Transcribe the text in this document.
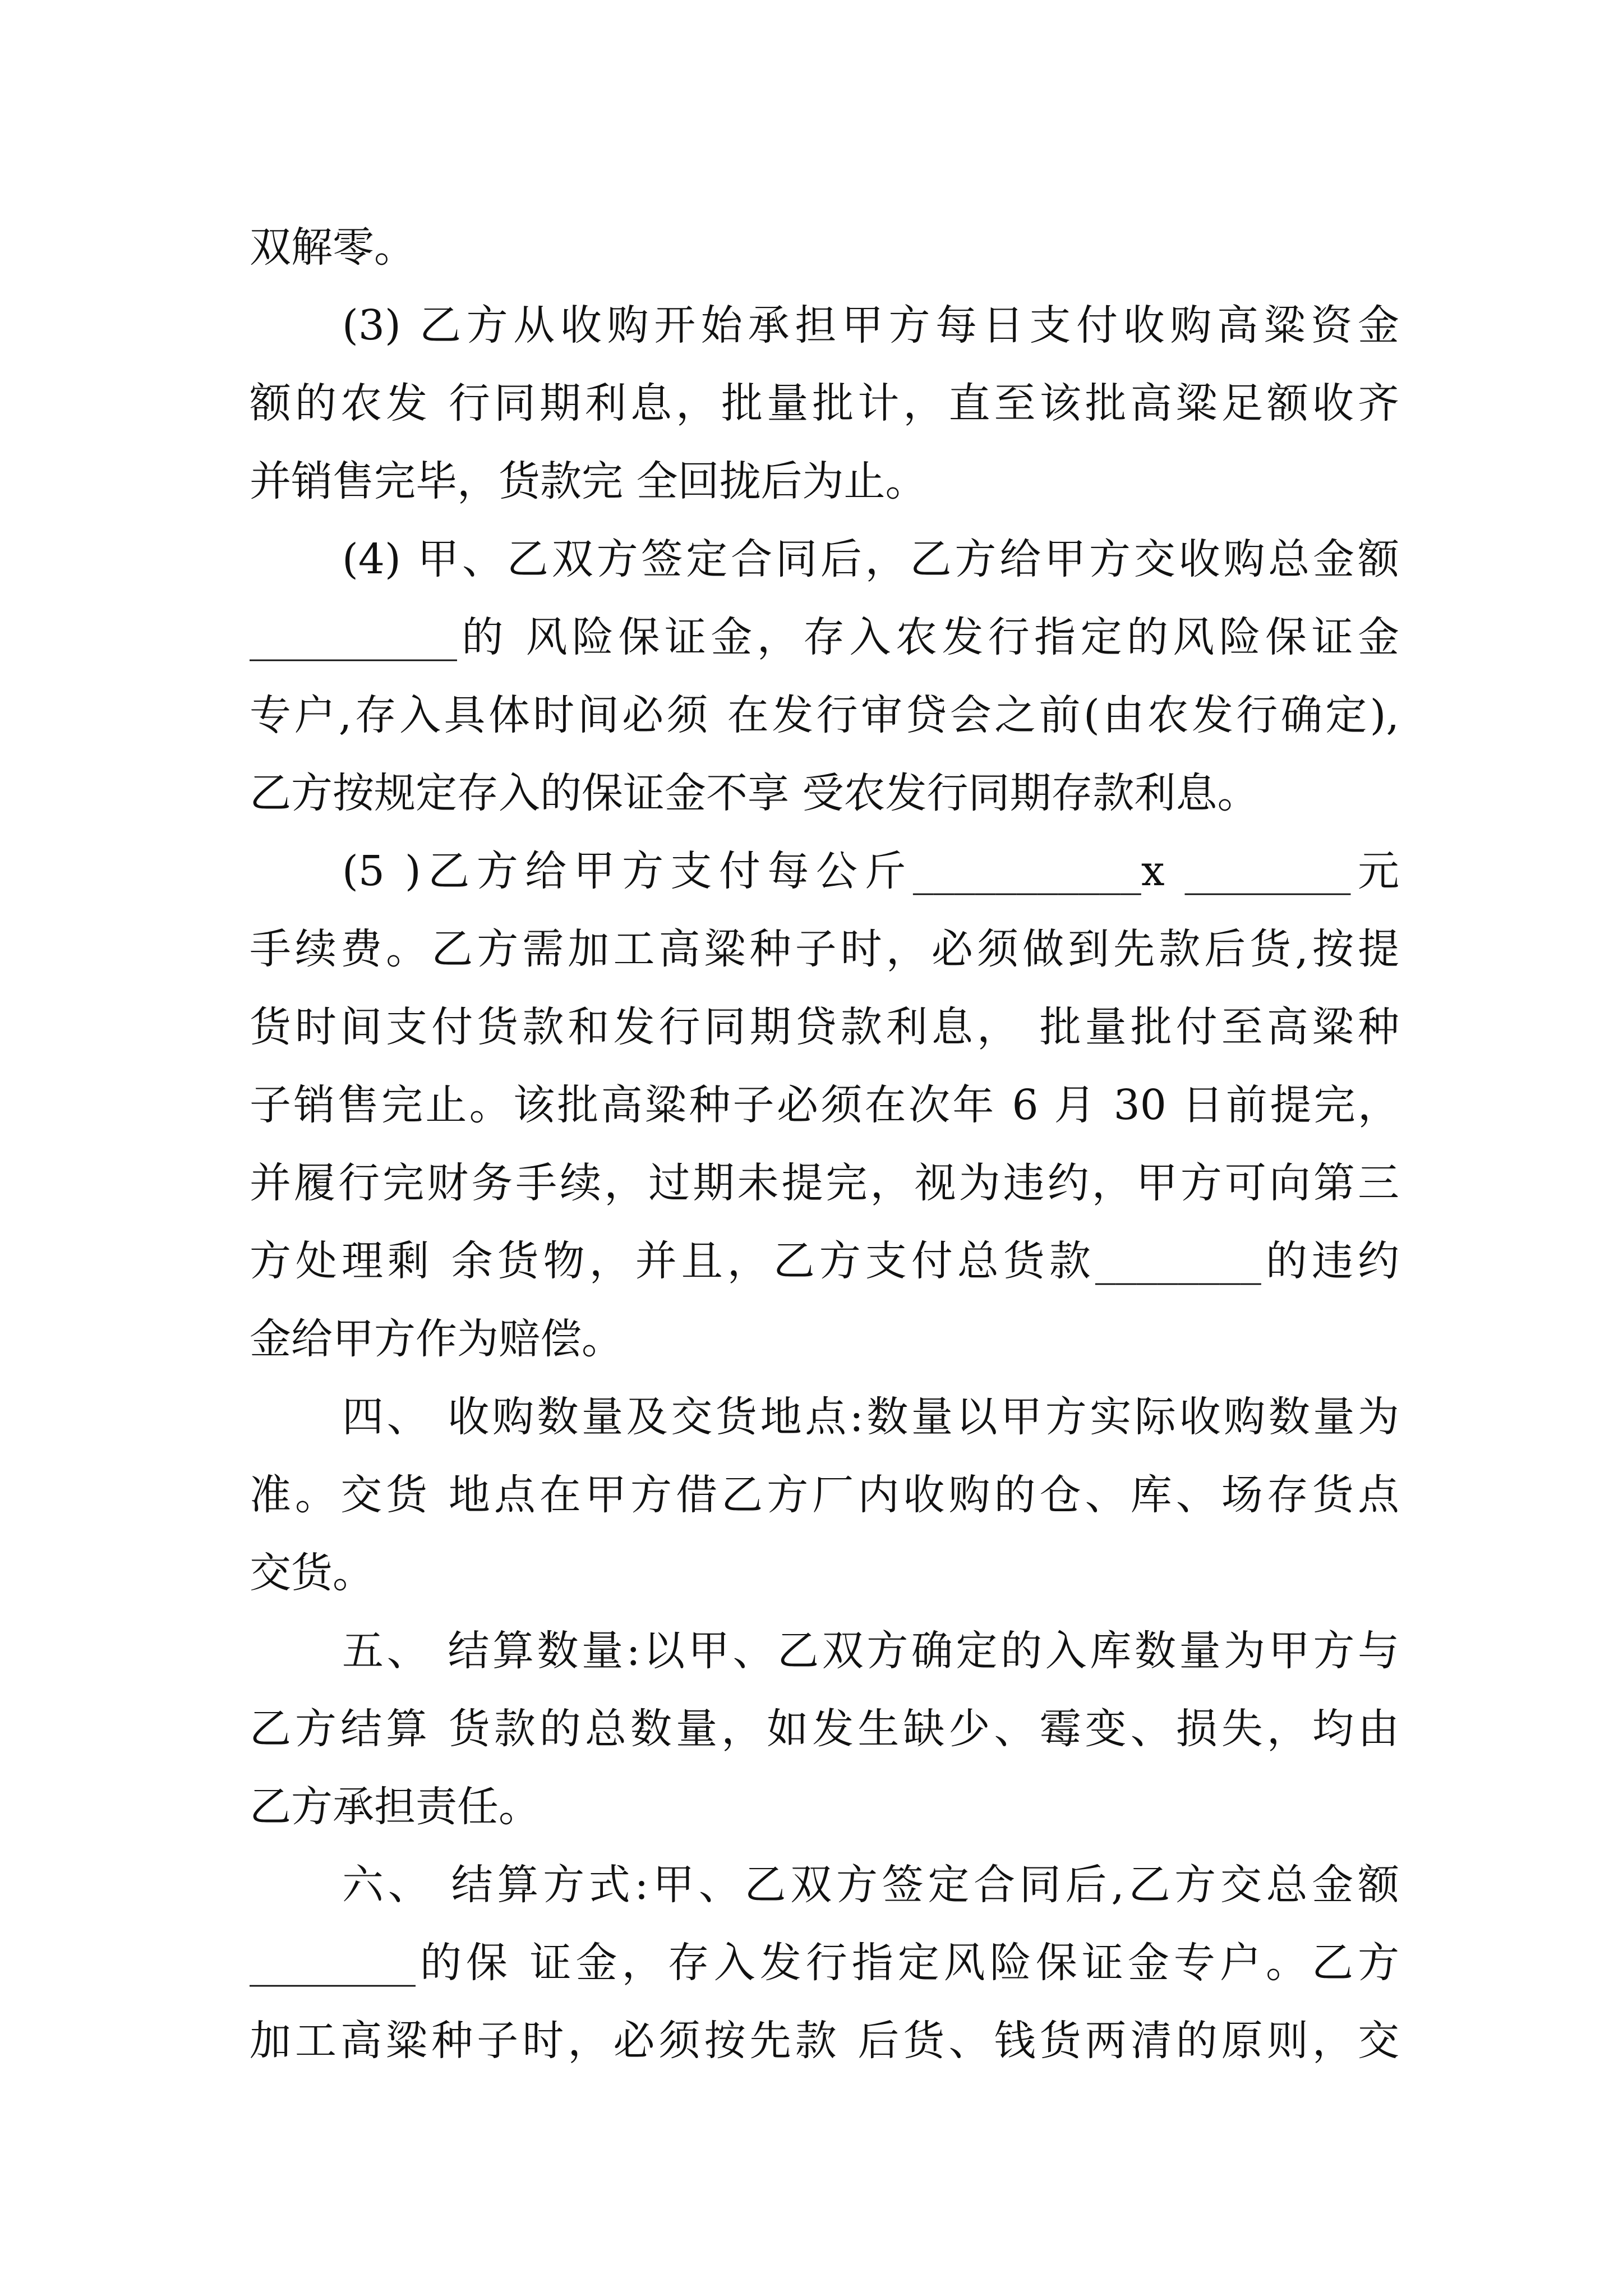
双解零。
(3) 乙方从收购开始承担甲方每日支付收购高粱资金
额的农发 行同期利息，批量批计，直至该批高粱足额收齐
并销售完毕，货款完 全回拢后为止。
(4) 甲、乙双方签定合同后，乙方给甲方交收购总金额
__________的 风险保证金，存入农发行指定的风险保证金
专户,存入具体时间必须 在发行审贷会之前(由农发行确定),
乙方按规定存入的保证金不享 受农发行同期存款利息。
(5 )乙方给甲方支付每公斤___________x ________元
手续费。乙方需加工高粱种子时，必须做到先款后货,按提
货时间支付货款和发行同期贷款利息， 批量批付至高粱种
子销售完止。该批高粱种子必须在次年 6 月 30 日前提完，
并履行完财务手续，过期未提完，视为违约，甲方可向第三
方处理剩 余货物，并且，乙方支付总货款________的违约
金给甲方作为赔偿。
四、 收购数量及交货地点:数量以甲方实际收购数量为
准。交货 地点在甲方借乙方厂内收购的仓、库、场存货点
交货。
五、 结算数量:以甲、乙双方确定的入库数量为甲方与
乙方结算 货款的总数量，如发生缺少、霉变、损失，均由
乙方承担责任。
六、 结算方式:甲、乙双方签定合同后,乙方交总金额
________的保 证金，存入发行指定风险保证金专户。乙方
加工高粱种子时，必须按先款 后货、钱货两清的原则，交
